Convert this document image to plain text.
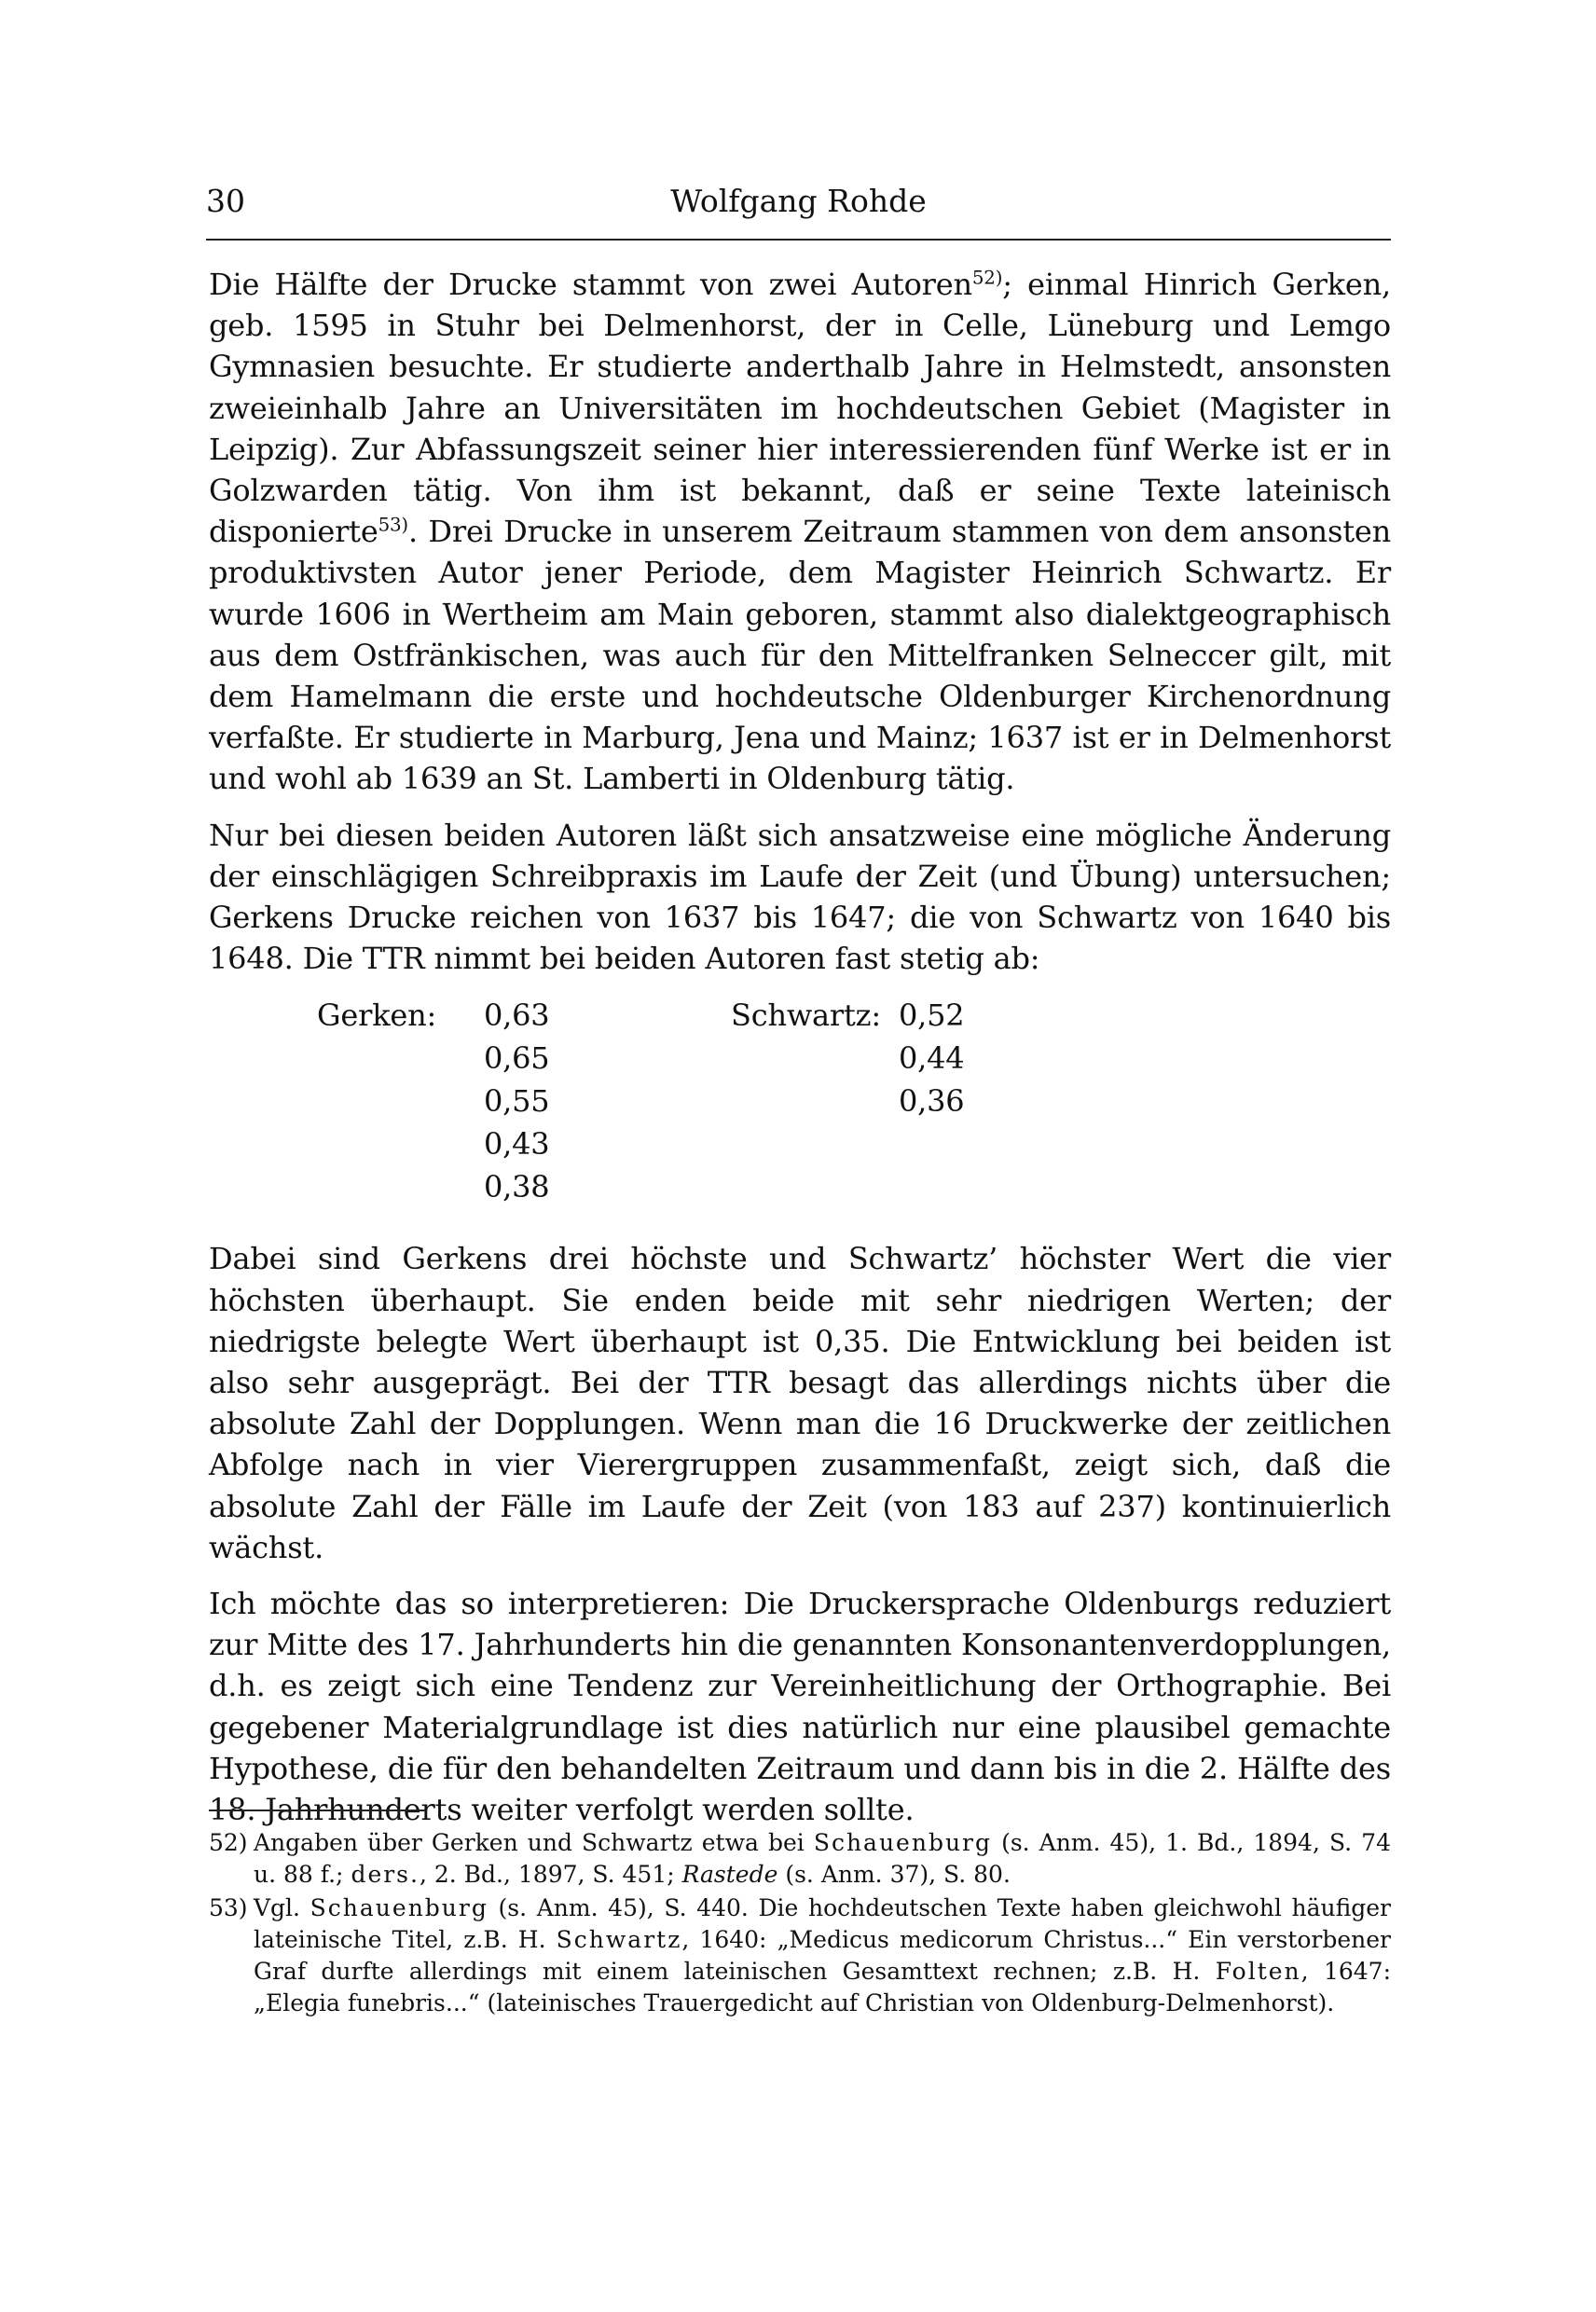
30	Wolfgang Rohde

Die Hälfte der Drucke stammt von zwei Autoren$^{52)}$; einmal Hinrich Gerken, geb. 1595 in Stuhr bei Delmenhorst, der in Celle, Lüneburg und Lemgo Gymnasien besuchte. Er studierte anderthalb Jahre in Helmstedt, ansonsten zweieinhalb Jahre an Universitäten im hochdeutschen Gebiet (Magister in Leipzig). Zur Abfassungszeit seiner hier interessierenden fünf Werke ist er in Golzwarden tätig. Von ihm ist bekannt, daß er seine Texte lateinisch disponierte$^{53)}$. Drei Drucke in unserem Zeitraum stammen von dem ansonsten produktivsten Autor jener Periode, dem Magister Heinrich Schwartz. Er wurde 1606 in Wertheim am Main geboren, stammt also dialektgeographisch aus dem Ostfränkischen, was auch für den Mittelfranken Selneccer gilt, mit dem Hamelmann die erste und hochdeutsche Oldenburger Kirchenordnung verfaßte. Er studierte in Marburg, Jena und Mainz; 1637 ist er in Delmenhorst und wohl ab 1639 an St. Lamberti in Oldenburg tätig.

Nur bei diesen beiden Autoren läßt sich ansatzweise eine mögliche Änderung der einschlägigen Schreibpraxis im Laufe der Zeit (und Übung) untersuchen; Gerkens Drucke reichen von 1637 bis 1647; die von Schwartz von 1640 bis 1648. Die TTR nimmt bei beiden Autoren fast stetig ab:

Gerken: 0,63
0,65
0,55
0,43
0,38
Schwartz: 0,52
0,44
0,36

Dabei sind Gerkens drei höchste und Schwartz’ höchster Wert die vier höchsten überhaupt. Sie enden beide mit sehr niedrigen Werten; der niedrigste belegte Wert überhaupt ist 0,35. Die Entwicklung bei beiden ist also sehr ausgeprägt. Bei der TTR besagt das allerdings nichts über die absolute Zahl der Dopplungen. Wenn man die 16 Druckwerke der zeitlichen Abfolge nach in vier Vierergruppen zusammenfaßt, zeigt sich, daß die absolute Zahl der Fälle im Laufe der Zeit (von 183 auf 237) kontinuierlich wächst.

Ich möchte das so interpretieren: Die Druckersprache Oldenburgs reduziert zur Mitte des 17. Jahrhunderts hin die genannten Konsonantenverdopplungen, d.h. es zeigt sich eine Tendenz zur Vereinheitlichung der Orthographie. Bei gegebener Materialgrundlage ist dies natürlich nur eine plausibel gemachte Hypothese, die für den behandelten Zeitraum und dann bis in die 2. Hälfte des 18. Jahrhunderts weiter verfolgt werden sollte.

52) Angaben über Gerken und Schwartz etwa bei Schauenburg (s. Anm. 45), 1. Bd., 1894, S. 74 u. 88 f.; ders., 2. Bd., 1897, S. 451; Rastede (s. Anm. 37), S. 80.
53) Vgl. Schauenburg (s. Anm. 45), S. 440. Die hochdeutschen Texte haben gleichwohl häufiger lateinische Titel, z.B. H. Schwartz, 1640: „Medicus medicorum Christus...“ Ein verstorbener Graf durfte allerdings mit einem lateinischen Gesamttext rechnen; z.B. H. Folten, 1647: „Elegia funebris...“ (lateinisches Trauergedicht auf Christian von Oldenburg-Delmenhorst).
